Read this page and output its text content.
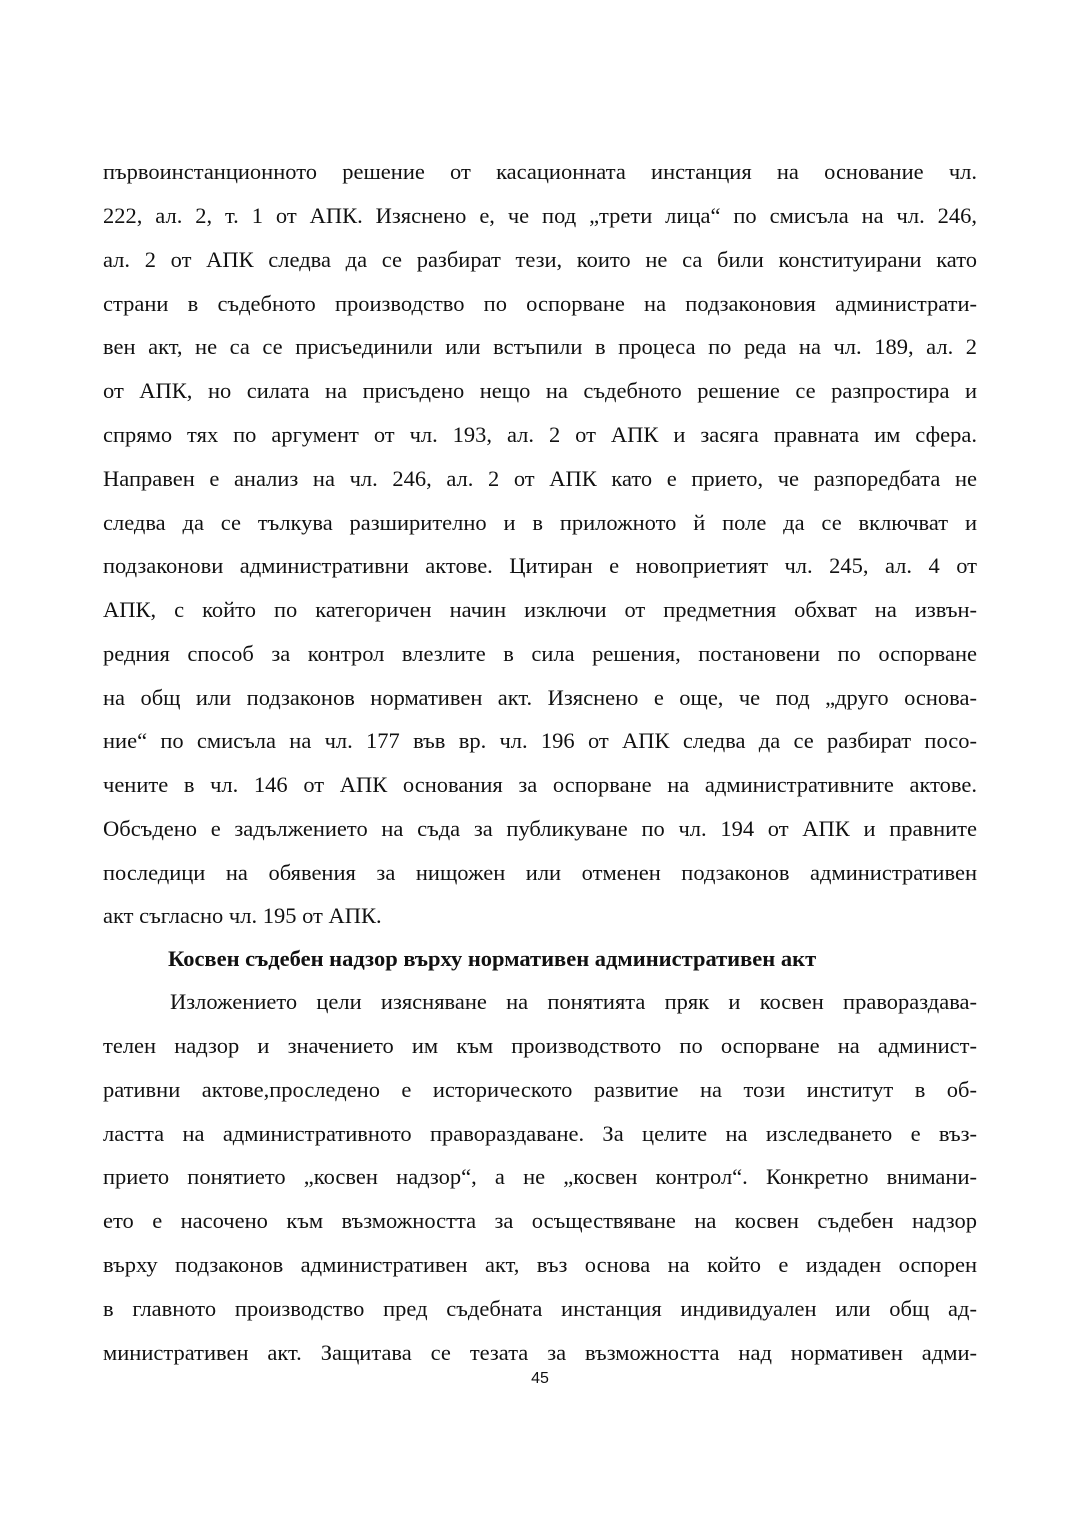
първоинстанционното решение от касационната инстанция на основание чл.
222, ал. 2, т. 1 от АПК. Изяснено е, че под „трети лица“ по смисъла на чл. 246,
ал. 2 от АПК следва да се разбират тези, които не са били конституирани като
страни в съдебното производство по оспорване на подзаконовия администрати-
вен акт, не са се присъединили или встъпили в процеса по реда на чл. 189, ал. 2
от АПК, но силата на присъдено нещо на съдебното решение се разпростира и
спрямо тях по аргумент от чл. 193, ал. 2 от АПК и засяга правната им сфера.
Направен е анализ на чл. 246, ал. 2 от АПК като е прието, че разпоредбата не
следва да се тълкува разширително и в приложното й поле да се включват и
подзаконови административни актове. Цитиран е новоприетият чл. 245, ал. 4 от
АПК, с който по категоричен начин изключи от предметния обхват на извън-
редния способ за контрол влезлите в сила решения, постановени по оспорване
на общ или подзаконов нормативен акт. Изяснено е още, че под „друго основа-
ние“ по смисъла на чл. 177 във вр. чл. 196 от АПК следва да се разбират посо-
чените в чл. 146 от АПК основания за оспорване на административните актове.
Обсъдено е задължението на съда за публикуване по чл. 194 от АПК и правните
последици на обявения за нищожен или отменен подзаконов административен
акт съгласно чл. 195 от АПК.
Косвен съдебен надзор върху нормативен административен акт
Изложението цели изясняване на понятията пряк и косвен правораздава-
телен надзор и значението им към производството по оспорване на админист-
ративни актове,проследено е историческото развитие на този институт в об-
ластта на административното правораздаване. За целите на изследването е въз-
прието понятието „косвен надзор“, а не „косвен контрол“. Конкретно внимани-
ето е насочено към възможността за осъществяване на косвен съдебен надзор
върху подзаконов административен акт, въз основа на който е издаден оспорен
в главното производство пред съдебната инстанция индивидуален или общ ад-
министративен акт. Защитава се тезата за възможността над нормативен адми-
45
